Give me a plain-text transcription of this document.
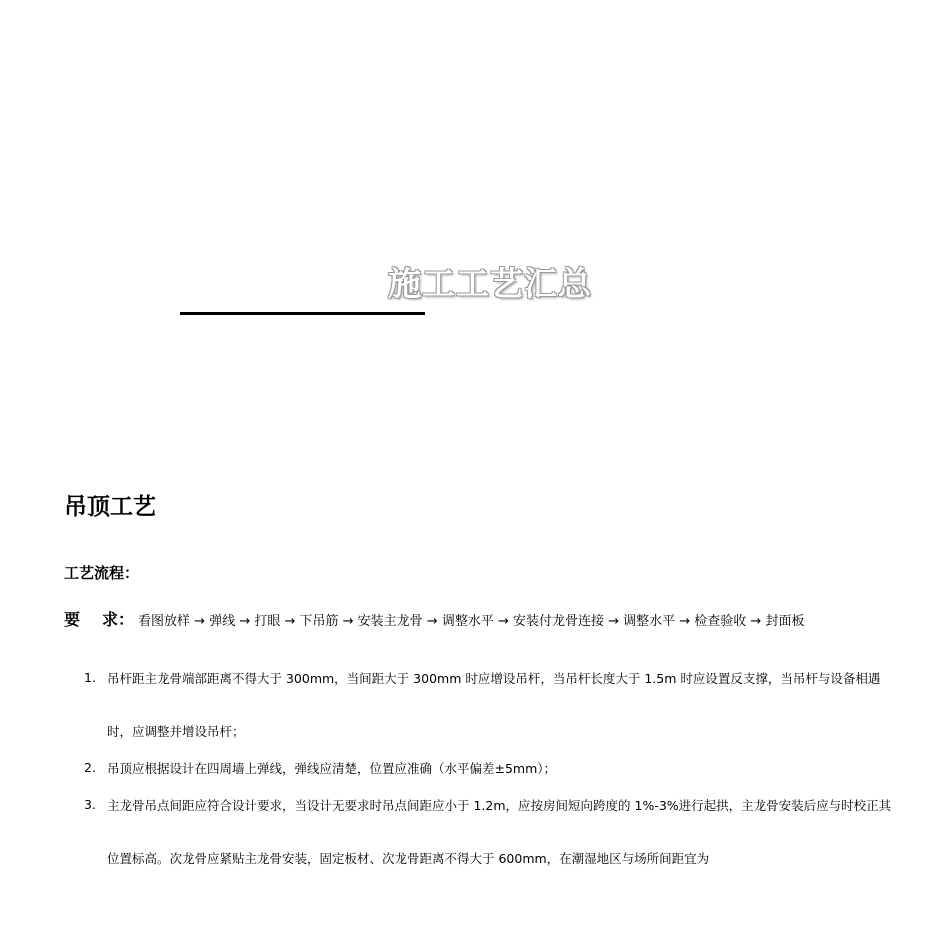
施工工艺汇总
吊顶工艺
工艺流程：
要 求： 看图放样 → 弹线 → 打眼 → 下吊筋 → 安装主龙骨 → 调整水平 → 安装付龙骨连接 → 调整水平 → 检查验收 → 封面板
1. 吊杆距主龙骨端部距离不得大于 300mm，当间距大于 300mm 时应增设吊杆，当吊杆长度大于 1.5m 时应设置反支撑，当吊杆与设备相遇时，应调整并增设吊杆；
2. 吊顶应根据设计在四周墙上弹线，弹线应清楚，位置应准确（水平偏差±5mm）；
3. 主龙骨吊点间距应符合设计要求，当设计无要求时吊点间距应小于 1.2m，应按房间短向跨度的 1%-3%进行起拱，主龙骨安装后应与时校正其位置标高。次龙骨应紧贴主龙骨安装，固定板材、次龙骨距离不得大于 600mm，在潮湿地区与场所间距宜为
